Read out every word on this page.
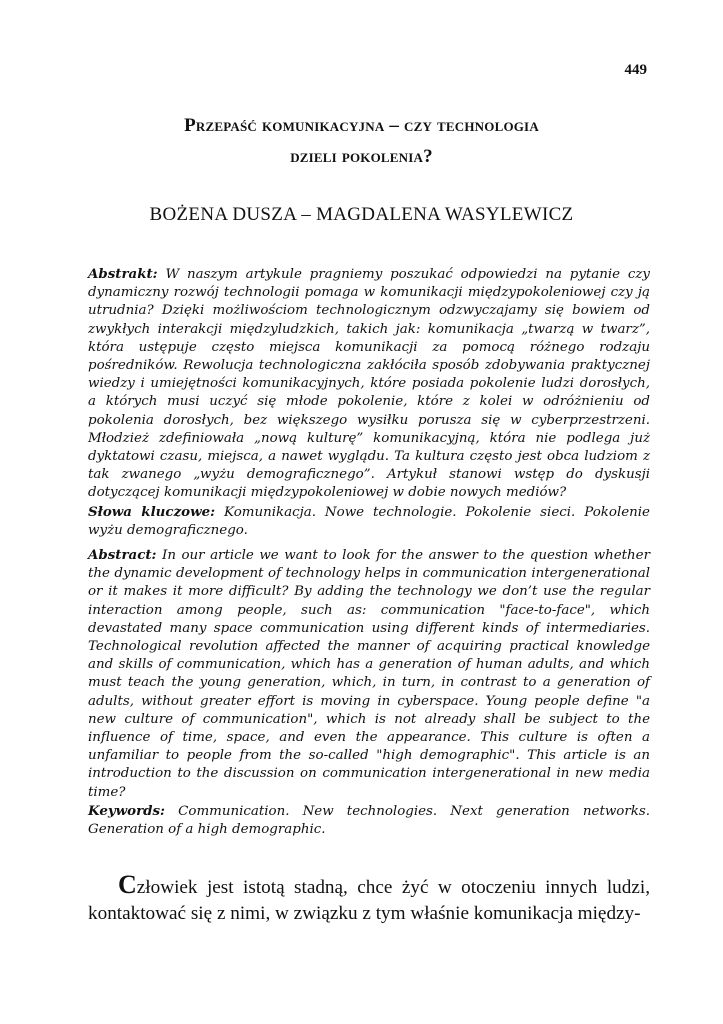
449
Przepaść komunikacyjna – czy technologia
dzieli pokolenia?
BOŻENA DUSZA – MAGDALENA WASYLEWICZ
Abstrakt: W naszym artykule pragniemy poszukać odpowiedzi na pytanie czy dynamiczny rozwój technologii pomaga w komunikacji międzypokoleniowej czy ją utrudnia? Dzięki możliwościom technologicznym odzwyczajamy się bowiem od zwykłych interakcji międzyludzkich, takich jak: komunikacja „twarzą w twarz”, która ustępuje często miejsca komunikacji za pomocą różnego rodzaju pośredników. Rewolucja technologiczna zakłóciła sposób zdobywania praktycznej wiedzy i umiejętności komunikacyjnych, które posiada pokolenie ludzi dorosłych, a których musi uczyć się młode pokolenie, które z kolei w odróżnieniu od pokolenia dorosłych, bez większego wysiłku porusza się w cyberprzestrzeni. Młodzież zdefiniowała „nową kulturę” komunikacyjną, która nie podlega już dyktatowi czasu, miejsca, a nawet wyglądu. Ta kultura często jest obca ludziom z tak zwanego „wyżu demograficznego”. Artykuł stanowi wstęp do dyskusji dotyczącej komunikacji międzypokoleniowej w dobie nowych mediów?
Słowa kluczowe: Komunikacja. Nowe technologie. Pokolenie sieci. Pokolenie wyżu demograficznego.
Abstract: In our article we want to look for the answer to the question whether the dynamic development of technology helps in communication intergenerational or it makes it more difficult? By adding the technology we don’t use the regular interaction among people, such as: communication "face-to-face", which devastated many space communication using different kinds of intermediaries. Technological revolution affected the manner of acquiring practical knowledge and skills of communication, which has a generation of human adults, and which must teach the young generation, which, in turn, in contrast to a generation of adults, without greater effort is moving in cyberspace. Young people define "a new culture of communication", which is not already shall be subject to the influence of time, space, and even the appearance. This culture is often a unfamiliar to people from the so-called "high demographic". This article is an introduction to the discussion on communication intergenerational in new media time?
Keywords: Communication. New technologies. Next generation networks. Generation of a high demographic.
Człowiek jest istotą stadną, chce żyć w otoczeniu innych ludzi, kontaktować się z nimi, w związku z tym właśnie komunikacja między-
